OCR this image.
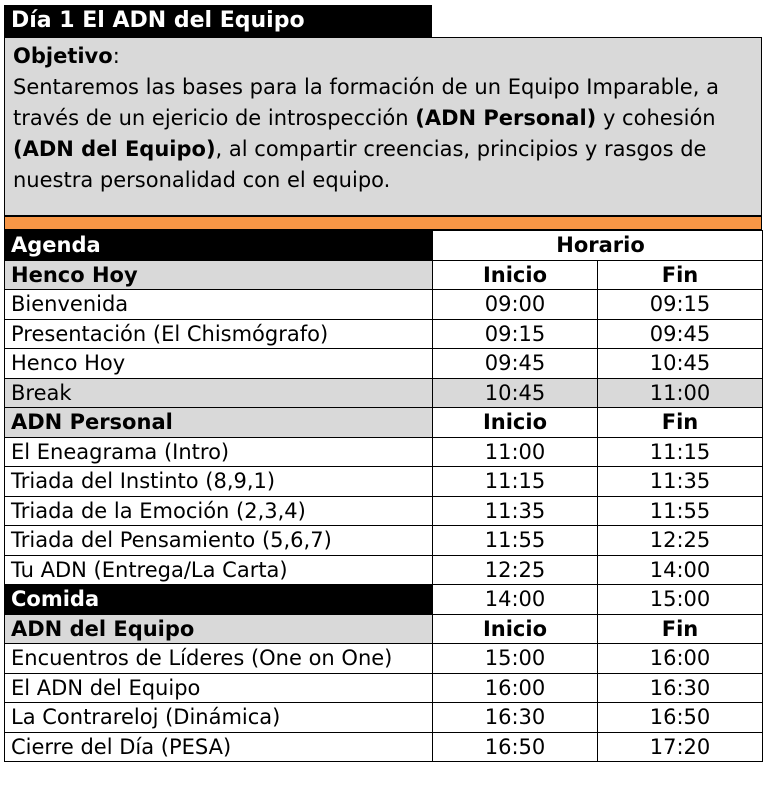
Día 1 El ADN del Equipo
Objetivo:
Sentaremos las bases para la formación de un Equipo Imparable, a través de un ejericio de introspección (ADN Personal) y cohesión (ADN del Equipo), al compartir creencias, principios y rasgos de nuestra personalidad con el equipo.
Agenda	Horario	
Henco Hoy	Inicio	Fin
Bienvenida	09:00	09:15
Presentación (El Chismógrafo)	09:15	09:45
Henco Hoy	09:45	10:45
Break	10:45	11:00
ADN Personal	Inicio	Fin
El Eneagrama (Intro)	11:00	11:15
Triada del Instinto (8,9,1)	11:15	11:35
Triada de la Emoción (2,3,4)	11:35	11:55
Triada del Pensamiento (5,6,7)	11:55	12:25
Tu ADN (Entrega/La Carta)	12:25	14:00
Comida	14:00	15:00
ADN del Equipo	Inicio	Fin
Encuentros de Líderes (One on One)	15:00	16:00
El ADN del Equipo	16:00	16:30
La Contrareloj (Dinámica)	16:30	16:50
Cierre del Día (PESA)	16:50	17:20
